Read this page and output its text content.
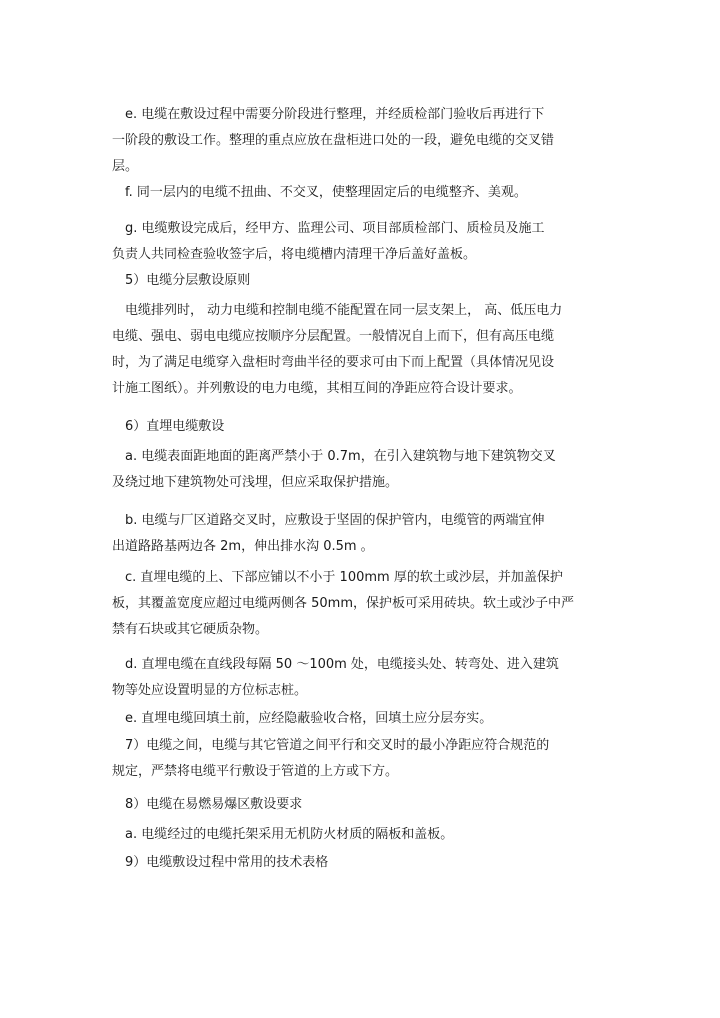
　e. 电缆在敷设过程中需要分阶段进行整理，并经质检部门验收后再进行下
一阶段的敷设工作。整理的重点应放在盘柜进口处的一段，避免电缆的交叉错
层。
　f. 同一层内的电缆不扭曲、不交叉，使整理固定后的电缆整齐、美观。
　g. 电缆敷设完成后，经甲方、监理公司、项目部质检部门、质检员及施工
负责人共同检查验收签字后，将电缆槽内清理干净后盖好盖板。
　5）电缆分层敷设原则
　电缆排列时， 动力电缆和控制电缆不能配置在同一层支架上， 高、低压电力
电缆、强电、弱电电缆应按顺序分层配置。一般情况自上而下，但有高压电缆
时，为了满足电缆穿入盘柜时弯曲半径的要求可由下而上配置（具体情况见设
计施工图纸）。并列敷设的电力电缆，其相互间的净距应符合设计要求。
　6）直埋电缆敷设
　a. 电缆表面距地面的距离严禁小于 0.7m，在引入建筑物与地下建筑物交叉
及绕过地下建筑物处可浅埋，但应采取保护措施。
　b. 电缆与厂区道路交叉时，应敷设于坚固的保护管内，电缆管的两端宜伸
出道路路基两边各 2m，伸出排水沟 0.5m 。
　c. 直埋电缆的上、下部应铺以不小于 100mm 厚的软土或沙层，并加盖保护
板，其覆盖宽度应超过电缆两侧各 50mm，保护板可采用砖块。软土或沙子中严
禁有石块或其它硬质杂物。
　d. 直埋电缆在直线段每隔 50 ～100m 处，电缆接头处、转弯处、进入建筑
物等处应设置明显的方位标志桩。
　e. 直埋电缆回填土前，应经隐蔽验收合格，回填土应分层夯实。
　7）电缆之间，电缆与其它管道之间平行和交叉时的最小净距应符合规范的
规定，严禁将电缆平行敷设于管道的上方或下方。
　8）电缆在易燃易爆区敷设要求
　a. 电缆经过的电缆托架采用无机防火材质的隔板和盖板。
　9）电缆敷设过程中常用的技术表格
